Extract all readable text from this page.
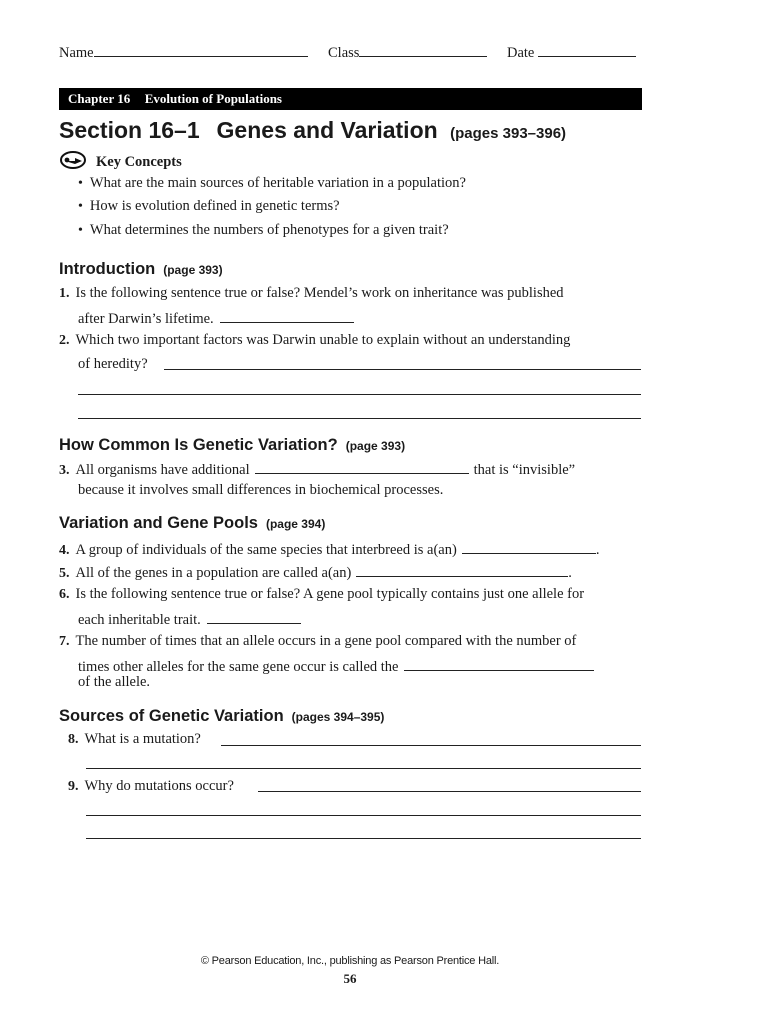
Name	Class	Date
Chapter 16 Evolution of Populations
Section 16–1 Genes and Variation (pages 393–396)
Key Concepts
• What are the main sources of heritable variation in a population?
• How is evolution defined in genetic terms?
• What determines the numbers of phenotypes for a given trait?
Introduction (page 393)
1. Is the following sentence true or false? Mendel’s work on inheritance was published
after Darwin’s lifetime.
2. Which two important factors was Darwin unable to explain without an understanding
of heredity?
How Common Is Genetic Variation? (page 393)
3. All organisms have additional	that is “invisible”
because it involves small differences in biochemical processes.
Variation and Gene Pools (page 394)
4. A group of individuals of the same species that interbreed is a(an)	.
5. All of the genes in a population are called a(an)	.
6. Is the following sentence true or false? A gene pool typically contains just one allele for
each inheritable trait.
7. The number of times that an allele occurs in a gene pool compared with the number of
times other alleles for the same gene occur is called the
of the allele.
Sources of Genetic Variation (pages 394–395)
8. What is a mutation?
9. Why do mutations occur?
© Pearson Education, Inc., publishing as Pearson Prentice Hall.
56
